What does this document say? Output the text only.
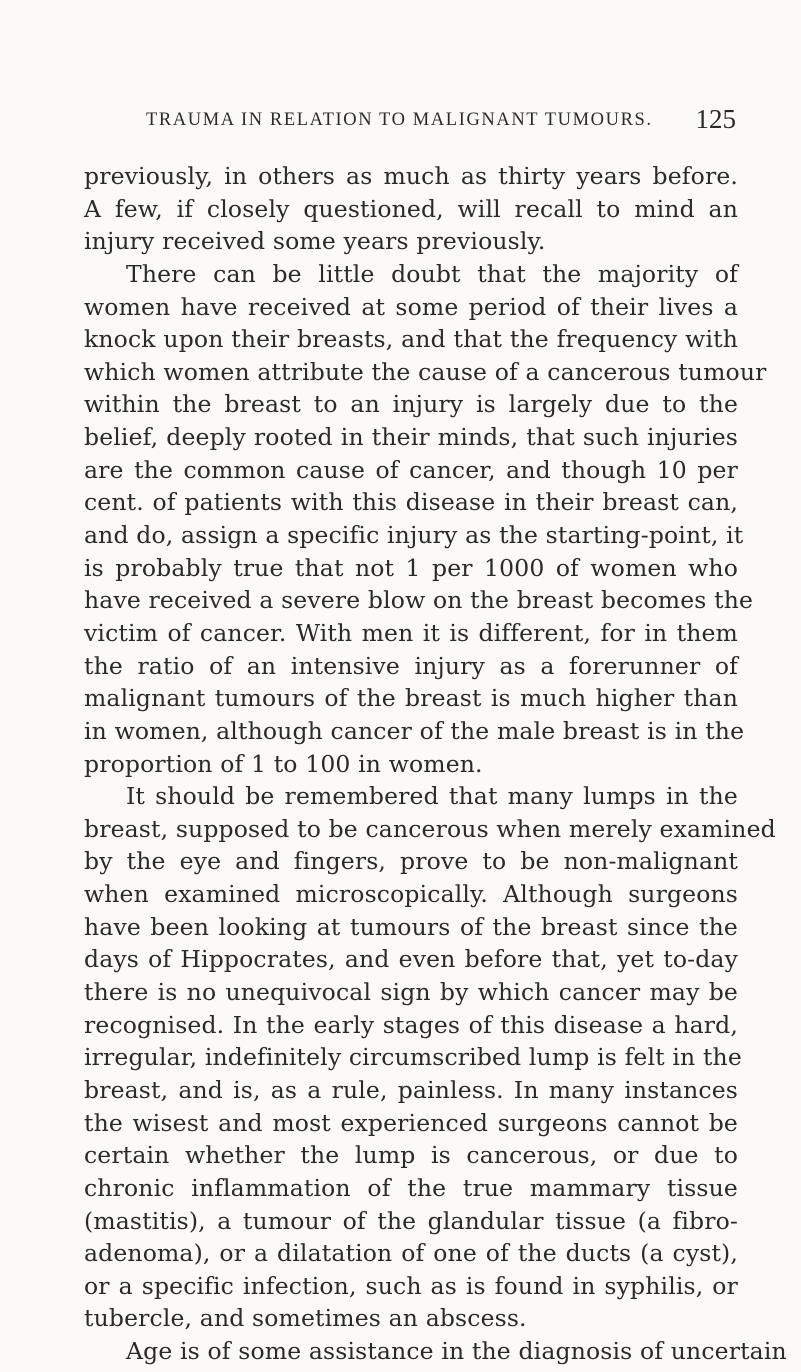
TRAUMA IN RELATION TO MALIGNANT TUMOURS. 125
previously, in others as much as thirty years before.
A few, if closely questioned, will recall to mind an
injury received some years previously.
There can be little doubt that the majority of
women have received at some period of their lives a
knock upon their breasts, and that the frequency with
which women attribute the cause of a cancerous tumour
within the breast to an injury is largely due to the
belief, deeply rooted in their minds, that such injuries
are the common cause of cancer, and though 10 per
cent. of patients with this disease in their breast can,
and do, assign a specific injury as the starting-point, it
is probably true that not 1 per 1000 of women who
have received a severe blow on the breast becomes the
victim of cancer. With men it is different, for in them
the ratio of an intensive injury as a forerunner of
malignant tumours of the breast is much higher than
in women, although cancer of the male breast is in the
proportion of 1 to 100 in women.
It should be remembered that many lumps in the
breast, supposed to be cancerous when merely examined
by the eye and fingers, prove to be non-malignant
when examined microscopically. Although surgeons
have been looking at tumours of the breast since the
days of Hippocrates, and even before that, yet to-day
there is no unequivocal sign by which cancer may be
recognised. In the early stages of this disease a hard,
irregular, indefinitely circumscribed lump is felt in the
breast, and is, as a rule, painless. In many instances
the wisest and most experienced surgeons cannot be
certain whether the lump is cancerous, or due to
chronic inflammation of the true mammary tissue
(mastitis), a tumour of the glandular tissue (a fibro-
adenoma), or a dilatation of one of the ducts (a cyst),
or a specific infection, such as is found in syphilis, or
tubercle, and sometimes an abscess.
Age is of some assistance in the diagnosis of uncertain
